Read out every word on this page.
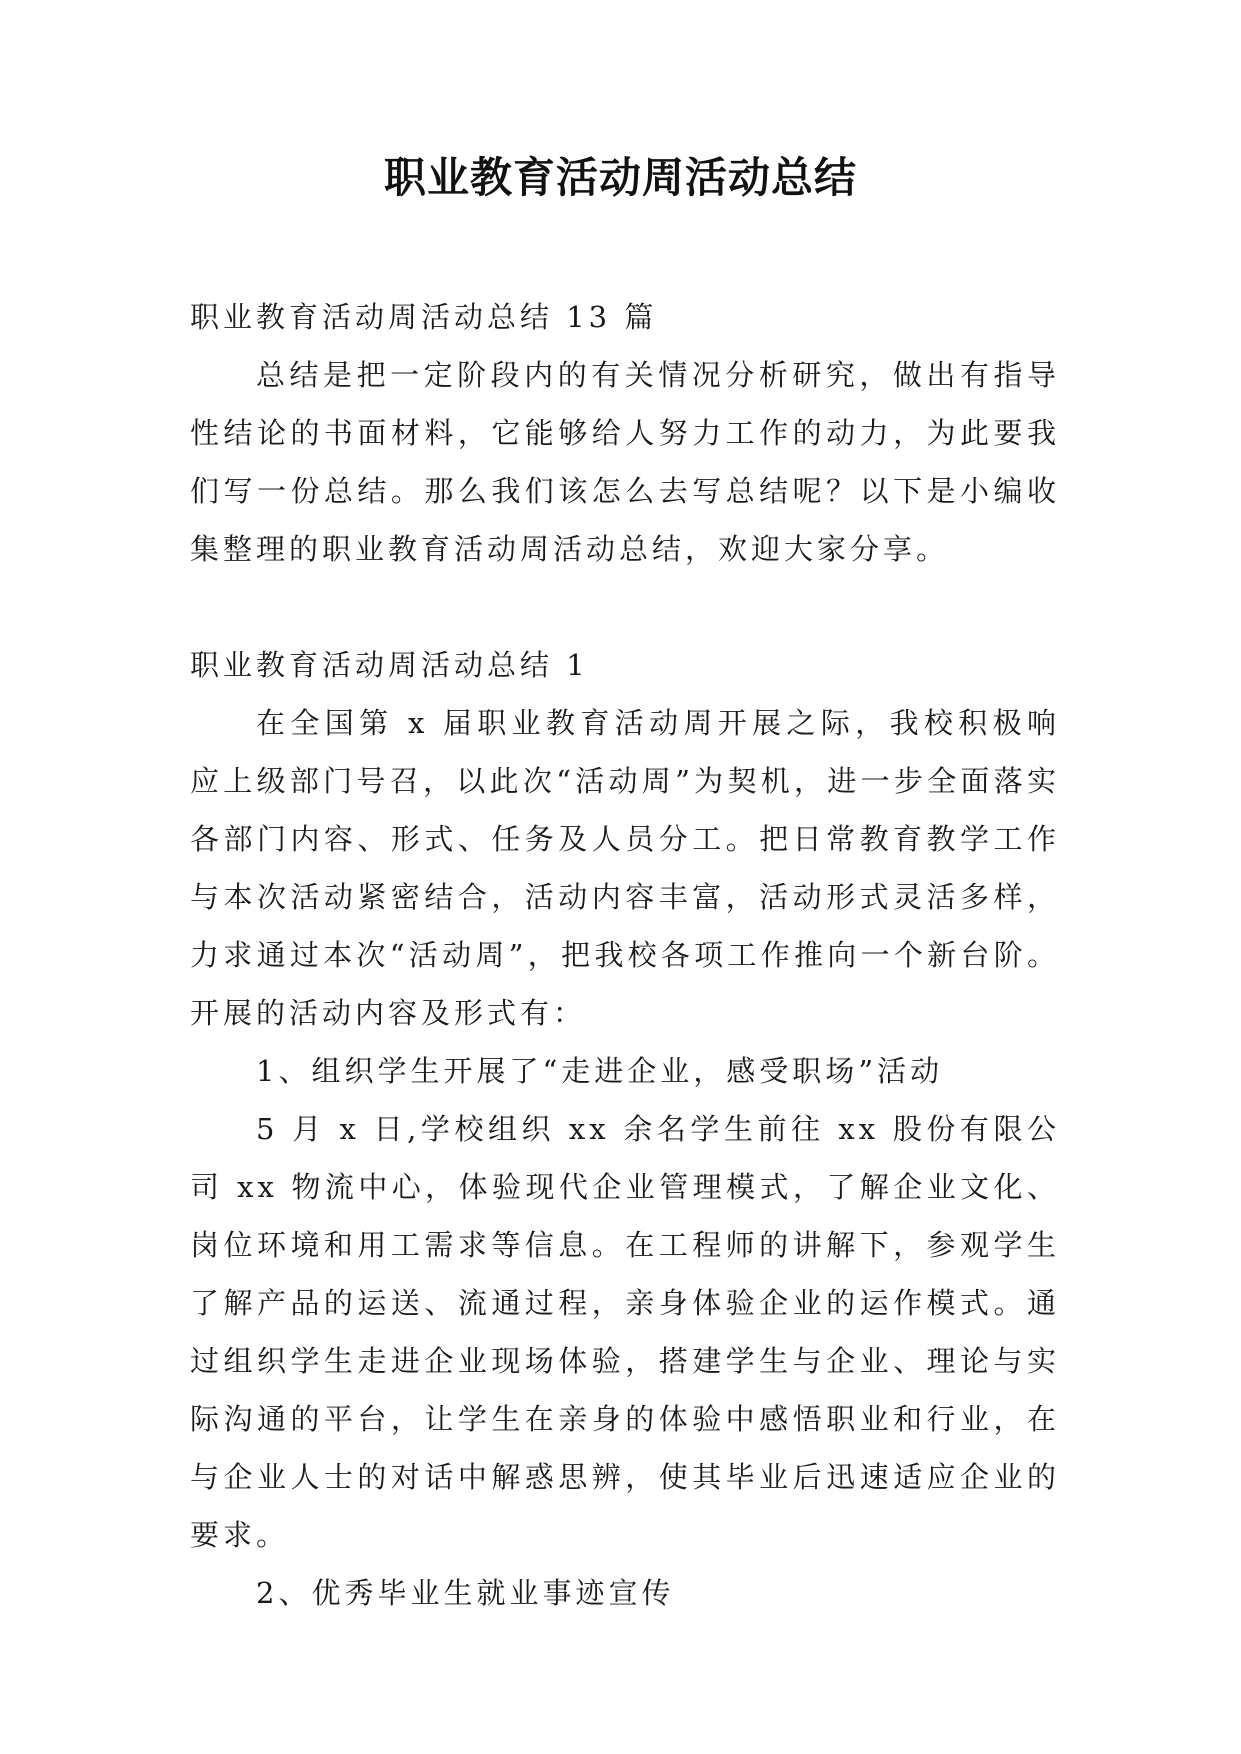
职业教育活动周活动总结

职业教育活动周活动总结 13 篇

总结是把一定阶段内的有关情况分析研究，做出有指导性结论的书面材料，它能够给人努力工作的动力，为此要我们写一份总结。那么我们该怎么去写总结呢？以下是小编收集整理的职业教育活动周活动总结，欢迎大家分享。

职业教育活动周活动总结 1

在全国第 x 届职业教育活动周开展之际，我校积极响应上级部门号召，以此次“活动周”为契机，进一步全面落实各部门内容、形式、任务及人员分工。把日常教育教学工作与本次活动紧密结合，活动内容丰富，活动形式灵活多样，力求通过本次“活动周”，把我校各项工作推向一个新台阶。开展的活动内容及形式有：

1、组织学生开展了“走进企业，感受职场”活动

5 月 x 日,学校组织 xx 余名学生前往 xx 股份有限公司 xx 物流中心，体验现代企业管理模式，了解企业文化、岗位环境和用工需求等信息。在工程师的讲解下，参观学生了解产品的运送、流通过程，亲身体验企业的运作模式。通过组织学生走进企业现场体验，搭建学生与企业、理论与实际沟通的平台，让学生在亲身的体验中感悟职业和行业，在与企业人士的对话中解惑思辨，使其毕业后迅速适应企业的要求。

2、优秀毕业生就业事迹宣传
